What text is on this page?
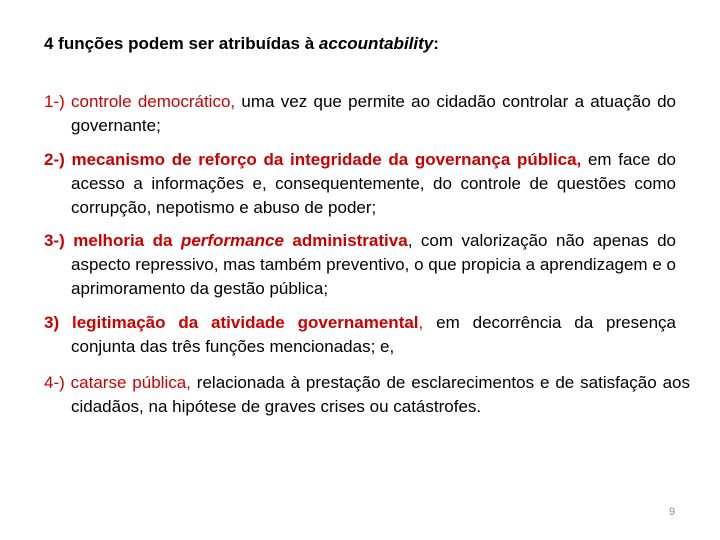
4 funções podem ser atribuídas à accountability:

1-) controle democrático, uma vez que permite ao cidadão controlar a atuação do governante;

2-) mecanismo de reforço da integridade da governança pública, em face do acesso a informações e, consequentemente, do controle de questões como corrupção, nepotismo e abuso de poder;

3-) melhoria da performance administrativa, com valorização não apenas do aspecto repressivo, mas também preventivo, o que propicia a aprendizagem e o aprimoramento da gestão pública;

3) legitimação da atividade governamental, em decorrência da presença conjunta das três funções mencionadas; e,

4-) catarse pública, relacionada à prestação de esclarecimentos e de satisfação aos cidadãos, na hipótese de graves crises ou catástrofes.

9
